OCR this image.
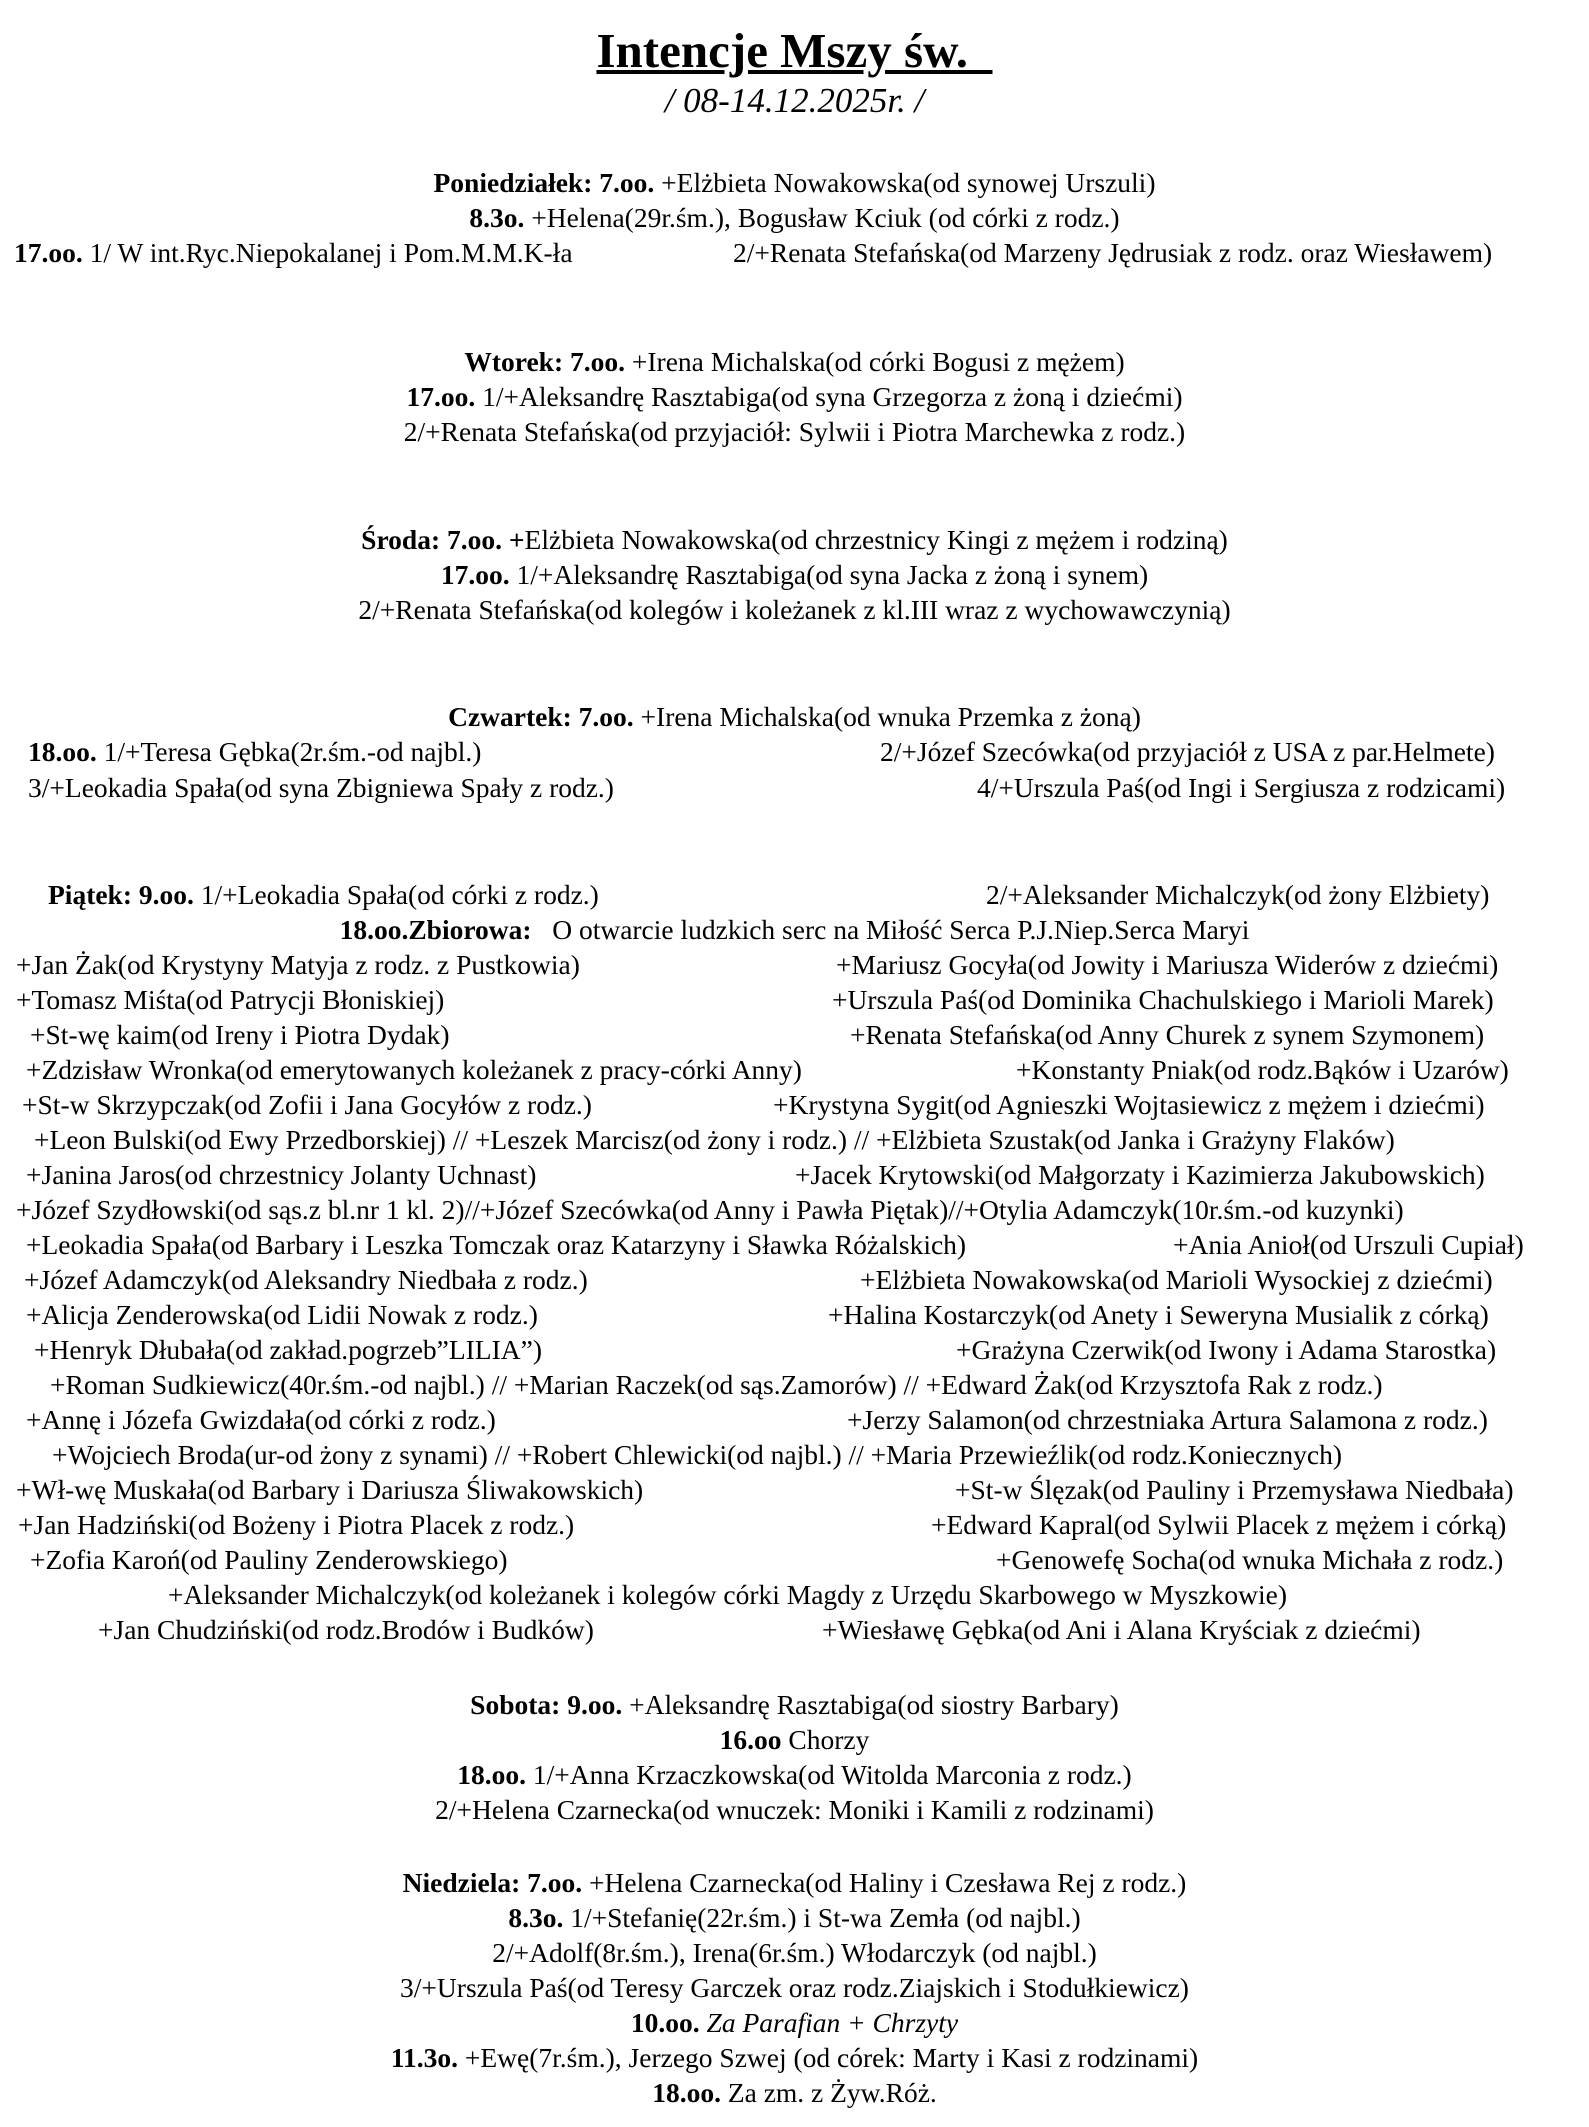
Intencje Mszy św.
/ 08-14.12.2025r. /
Poniedziałek: 7.oo. +Elżbieta Nowakowska(od synowej Urszuli)
8.3o. +Helena(29r.śm.), Bogusław Kciuk (od córki z rodz.)
17.oo. 1/ W int.Ryc.Niepokalanej i Pom.M.M.K-ła	2/+Renata Stefańska(od Marzeny Jędrusiak z rodz. oraz Wiesławem)
Wtorek: 7.oo. +Irena Michalska(od córki Bogusi z mężem)
17.oo. 1/+Aleksandrę Rasztabiga(od syna Grzegorza z żoną i dziećmi)
2/+Renata Stefańska(od przyjaciół: Sylwii i Piotra Marchewka z rodz.)
Środa: 7.oo. +Elżbieta Nowakowska(od chrzestnicy Kingi z mężem i rodziną)
17.oo. 1/+Aleksandrę Rasztabiga(od syna Jacka z żoną i synem)
2/+Renata Stefańska(od kolegów i koleżanek z kl.III wraz z wychowawczynią)
Czwartek: 7.oo. +Irena Michalska(od wnuka Przemka z żoną)
18.oo. 1/+Teresa Gębka(2r.śm.-od najbl.)	2/+Józef Szecówka(od przyjaciół z USA z par.Helmete)
3/+Leokadia Spała(od syna Zbigniewa Spały z rodz.)	4/+Urszula Paś(od Ingi i Sergiusza z rodzicami)
Piątek: 9.oo. 1/+Leokadia Spała(od córki z rodz.)	2/+Aleksander Michalczyk(od żony Elżbiety)
18.oo.Zbiorowa: O otwarcie ludzkich serc na Miłość Serca P.J.Niep.Serca Maryi
+Jan Żak(od Krystyny Matyja z rodz. z Pustkowia)	+Mariusz Gocyła(od Jowity i Mariusza Widerów z dziećmi)
+Tomasz Miśta(od Patrycji Błoniskiej)	+Urszula Paś(od Dominika Chachulskiego i Marioli Marek)
+St-wę kaim(od Ireny i Piotra Dydak)	+Renata Stefańska(od Anny Churek z synem Szymonem)
+Zdzisław Wronka(od emerytowanych koleżanek z pracy-córki Anny)	+Konstanty Pniak(od rodz.Bąków i Uzarów)
+St-w Skrzypczak(od Zofii i Jana Gocyłów z rodz.)	+Krystyna Sygit(od Agnieszki Wojtasiewicz z mężem i dziećmi)
+Leon Bulski(od Ewy Przedborskiej) // +Leszek Marcisz(od żony i rodz.) // +Elżbieta Szustak(od Janka i Grażyny Flaków)
+Janina Jaros(od chrzestnicy Jolanty Uchnast)	+Jacek Krytowski(od Małgorzaty i Kazimierza Jakubowskich)
+Józef Szydłowski(od sąs.z bl.nr 1 kl. 2)//+Józef Szecówka(od Anny i Pawła Piętak)//+Otylia Adamczyk(10r.śm.-od kuzynki)
+Leokadia Spała(od Barbary i Leszka Tomczak oraz Katarzyny i Sławka Różalskich)	+Ania Anioł(od Urszuli Cupiał)
+Józef Adamczyk(od Aleksandry Niedbała z rodz.)	+Elżbieta Nowakowska(od Marioli Wysockiej z dziećmi)
+Alicja Zenderowska(od Lidii Nowak z rodz.)	+Halina Kostarczyk(od Anety i Seweryna Musialik z córką)
+Henryk Dłubała(od zakład.pogrzeb”LILIA”)	+Grażyna Czerwik(od Iwony i Adama Starostka)
+Roman Sudkiewicz(40r.śm.-od najbl.) // +Marian Raczek(od sąs.Zamorów) // +Edward Żak(od Krzysztofa Rak z rodz.)
+Annę i Józefa Gwizdała(od córki z rodz.)	+Jerzy Salamon(od chrzestniaka Artura Salamona z rodz.)
+Wojciech Broda(ur-od żony z synami) // +Robert Chlewicki(od najbl.) // +Maria Przewieźlik(od rodz.Koniecznych)
+Wł-wę Muskała(od Barbary i Dariusza Śliwakowskich)	+St-w Ślęzak(od Pauliny i Przemysława Niedbała)
+Jan Hadziński(od Bożeny i Piotra Placek z rodz.)	+Edward Kapral(od Sylwii Placek z mężem i córką)
+Zofia Karoń(od Pauliny Zenderowskiego)	+Genowefę Socha(od wnuka Michała z rodz.)
+Aleksander Michalczyk(od koleżanek i kolegów córki Magdy z Urzędu Skarbowego w Myszkowie)
+Jan Chudziński(od rodz.Brodów i Budków)	+Wiesławę Gębka(od Ani i Alana Kryściak z dziećmi)
Sobota: 9.oo. +Aleksandrę Rasztabiga(od siostry Barbary)
16.oo Chorzy
18.oo. 1/+Anna Krzaczkowska(od Witolda Marconia z rodz.)
2/+Helena Czarnecka(od wnuczek: Moniki i Kamili z rodzinami)
Niedziela: 7.oo. +Helena Czarnecka(od Haliny i Czesława Rej z rodz.)
8.3o. 1/+Stefanię(22r.śm.) i St-wa Zemła (od najbl.)
2/+Adolf(8r.śm.), Irena(6r.śm.) Włodarczyk (od najbl.)
3/+Urszula Paś(od Teresy Garczek oraz rodz.Ziajskich i Stodułkiewicz)
10.oo. Za Parafian + Chrzyty
11.3o. +Ewę(7r.śm.), Jerzego Szwej (od córek: Marty i Kasi z rodzinami)
18.oo. Za zm. z Żyw.Róż.
